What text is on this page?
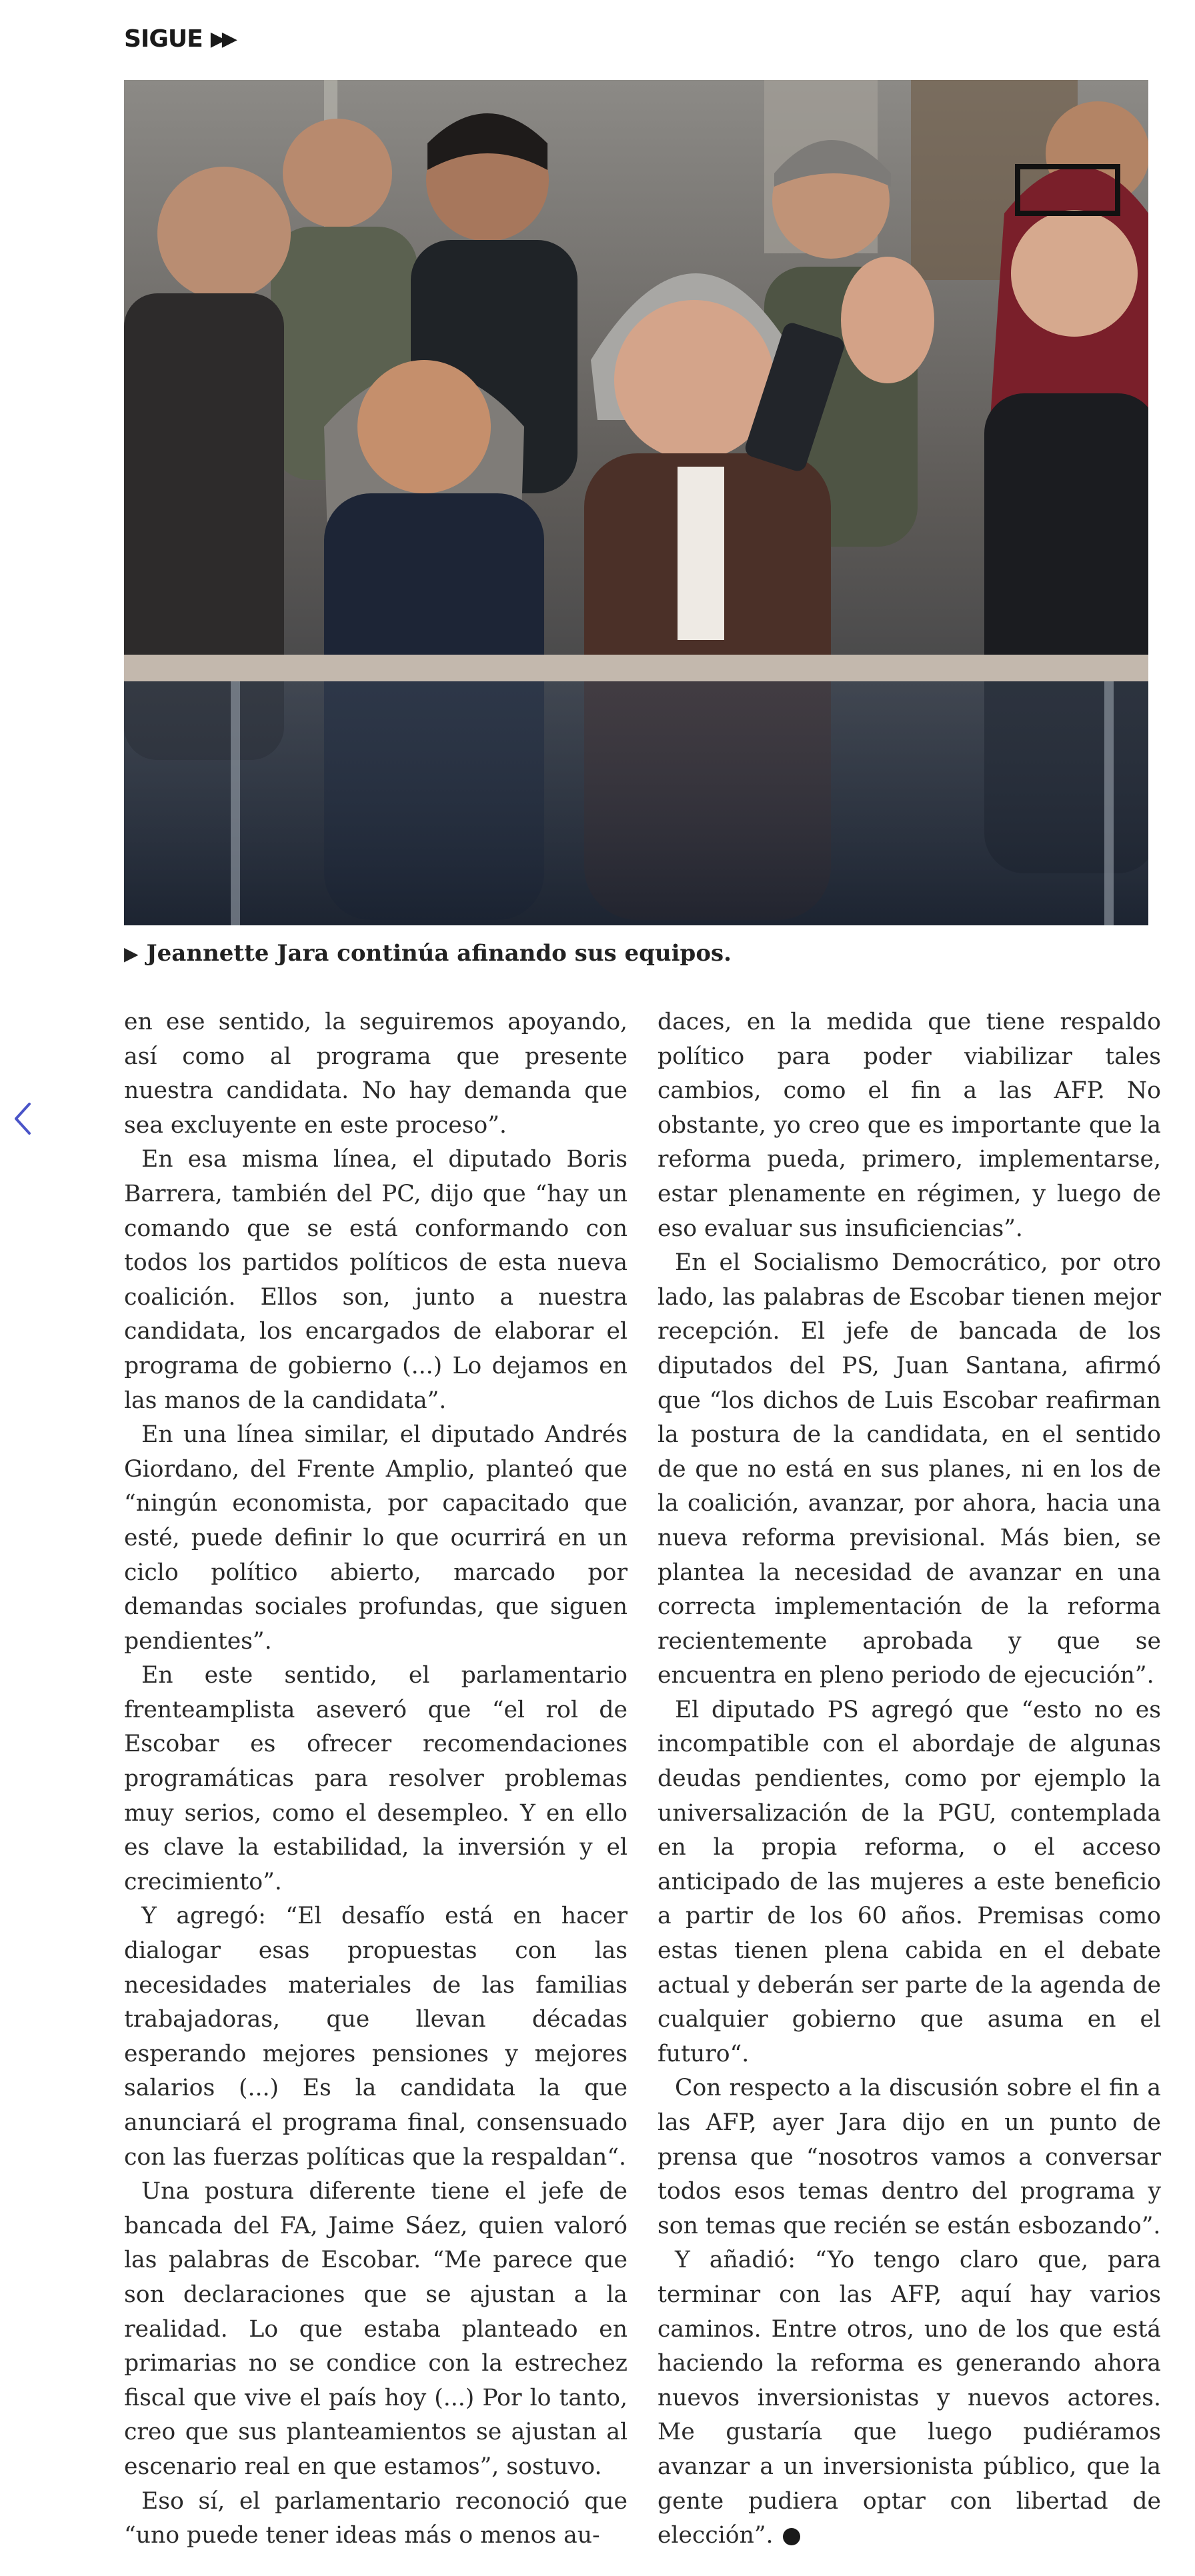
SIGUE ▶▶
▶ Jeannette Jara continúa afinando sus equipos.

en ese sentido, la seguiremos apoyando, así como al programa que presente nuestra candidata. No hay demanda que sea excluyente en este proceso”.

En esa misma línea, el diputado Boris Barrera, también del PC, dijo que “hay un comando que se está conformando con todos los partidos políticos de esta nueva coalición. Ellos son, junto a nuestra candidata, los encargados de elaborar el programa de gobierno (...) Lo dejamos en las manos de la candidata”.

En una línea similar, el diputado Andrés Giordano, del Frente Amplio, planteó que “ningún economista, por capacitado que esté, puede definir lo que ocurrirá en un ciclo político abierto, marcado por demandas sociales profundas, que siguen pendientes”.

En este sentido, el parlamentario frenteamplista aseveró que “el rol de Escobar es ofrecer recomendaciones programáticas para resolver problemas muy serios, como el desempleo. Y en ello es clave la estabilidad, la inversión y el crecimiento”.

Y agregó: “El desafío está en hacer dialogar esas propuestas con las necesidades materiales de las familias trabajadoras, que llevan décadas esperando mejores pensiones y mejores salarios (...) Es la candidata la que anunciará el programa final, consensuado con las fuerzas políticas que la respaldan“.

Una postura diferente tiene el jefe de bancada del FA, Jaime Sáez, quien valoró las palabras de Escobar. “Me parece que son declaraciones que se ajustan a la realidad. Lo que estaba planteado en primarias no se condice con la estrechez fiscal que vive el país hoy (...) Por lo tanto, creo que sus planteamientos se ajustan al escenario real en que estamos”, sostuvo.

Eso sí, el parlamentario reconoció que “uno puede tener ideas más o menos au-

daces, en la medida que tiene respaldo político para poder viabilizar tales cambios, como el fin a las AFP. No obstante, yo creo que es importante que la reforma pueda, primero, implementarse, estar plenamente en régimen, y luego de eso evaluar sus insuficiencias”.

En el Socialismo Democrático, por otro lado, las palabras de Escobar tienen mejor recepción. El jefe de bancada de los diputados del PS, Juan Santana, afirmó que “los dichos de Luis Escobar reafirman la postura de la candidata, en el sentido de que no está en sus planes, ni en los de la coalición, avanzar, por ahora, hacia una nueva reforma previsional. Más bien, se plantea la necesidad de avanzar en una correcta implementación de la reforma recientemente aprobada y que se encuentra en pleno periodo de ejecución”.

El diputado PS agregó que “esto no es incompatible con el abordaje de algunas deudas pendientes, como por ejemplo la universalización de la PGU, contemplada en la propia reforma, o el acceso anticipado de las mujeres a este beneficio a partir de los 60 años. Premisas como estas tienen plena cabida en el debate actual y deberán ser parte de la agenda de cualquier gobierno que asuma en el futuro“.

Con respecto a la discusión sobre el fin a las AFP, ayer Jara dijo en un punto de prensa que “nosotros vamos a conversar todos esos temas dentro del programa y son temas que recién se están esbozando”.

Y añadió: “Yo tengo claro que, para terminar con las AFP, aquí hay varios caminos. Entre otros, uno de los que está haciendo la reforma es generando ahora nuevos inversionistas y nuevos actores. Me gustaría que luego pudiéramos avanzar a un inversionista público, que la gente pudiera optar con libertad de elección”.
